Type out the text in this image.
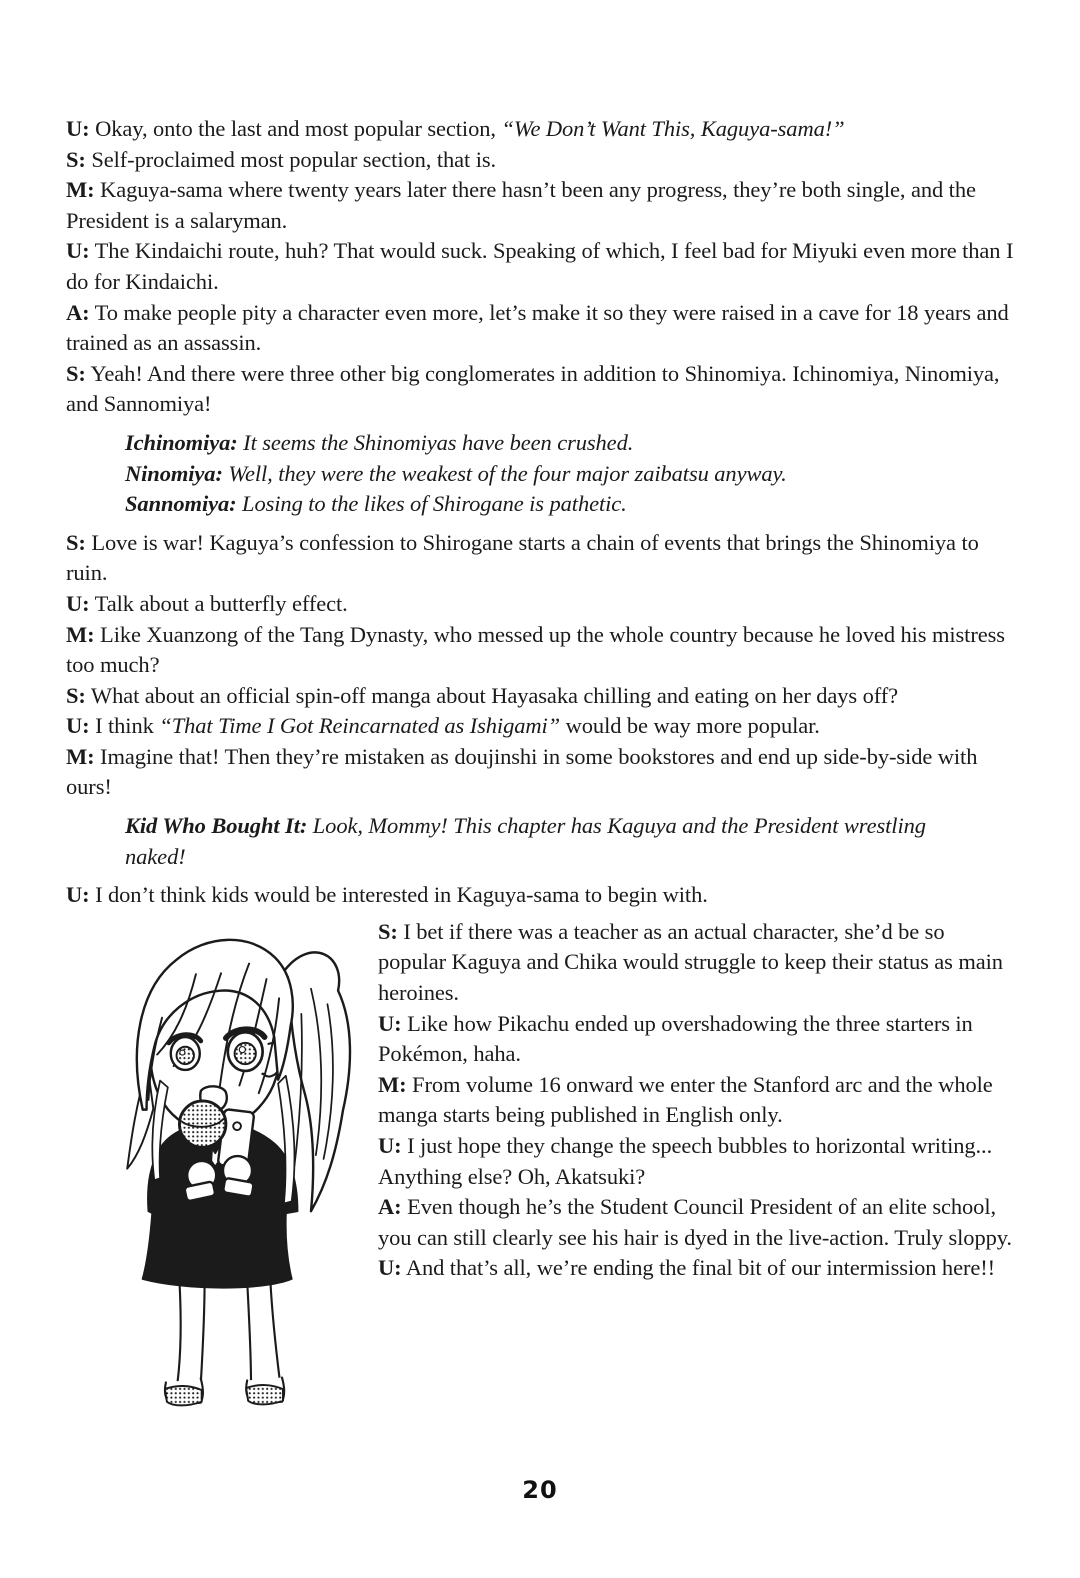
U: Okay, onto the last and most popular section, “We Don’t Want This, Kaguya-sama!”
S: Self-proclaimed most popular section, that is.
M: Kaguya-sama where twenty years later there hasn’t been any progress, they’re both single, and the President is a salaryman.
U: The Kindaichi route, huh? That would suck. Speaking of which, I feel bad for Miyuki even more than I do for Kindaichi.
A: To make people pity a character even more, let’s make it so they were raised in a cave for 18 years and trained as an assassin.
S: Yeah! And there were three other big conglomerates in addition to Shinomiya. Ichinomiya, Ninomiya, and Sannomiya!
Ichinomiya: It seems the Shinomiyas have been crushed.
Ninomiya: Well, they were the weakest of the four major zaibatsu anyway.
Sannomiya: Losing to the likes of Shirogane is pathetic.
S: Love is war! Kaguya’s confession to Shirogane starts a chain of events that brings the Shinomiya to ruin.
U: Talk about a butterfly effect.
M: Like Xuanzong of the Tang Dynasty, who messed up the whole country because he loved his mistress too much?
S: What about an official spin-off manga about Hayasaka chilling and eating on her days off?
U: I think “That Time I Got Reincarnated as Ishigami” would be way more popular.
M: Imagine that! Then they’re mistaken as doujinshi in some bookstores and end up side-by-side with ours!
Kid Who Bought It: Look, Mommy! This chapter has Kaguya and the President wrestling naked!
U: I don’t think kids would be interested in Kaguya-sama to begin with.
S: I bet if there was a teacher as an actual character, she’d be so popular Kaguya and Chika would struggle to keep their status as main heroines.
U: Like how Pikachu ended up overshadowing the three starters in Pokémon, haha.
M: From volume 16 onward we enter the Stanford arc and the whole manga starts being published in English only.
U: I just hope they change the speech bubbles to horizontal writing... Anything else? Oh, Akatsuki?
A: Even though he’s the Student Council President of an elite school, you can still clearly see his hair is dyed in the live-action. Truly sloppy.
U: And that’s all, we’re ending the final bit of our intermission here!!
20
